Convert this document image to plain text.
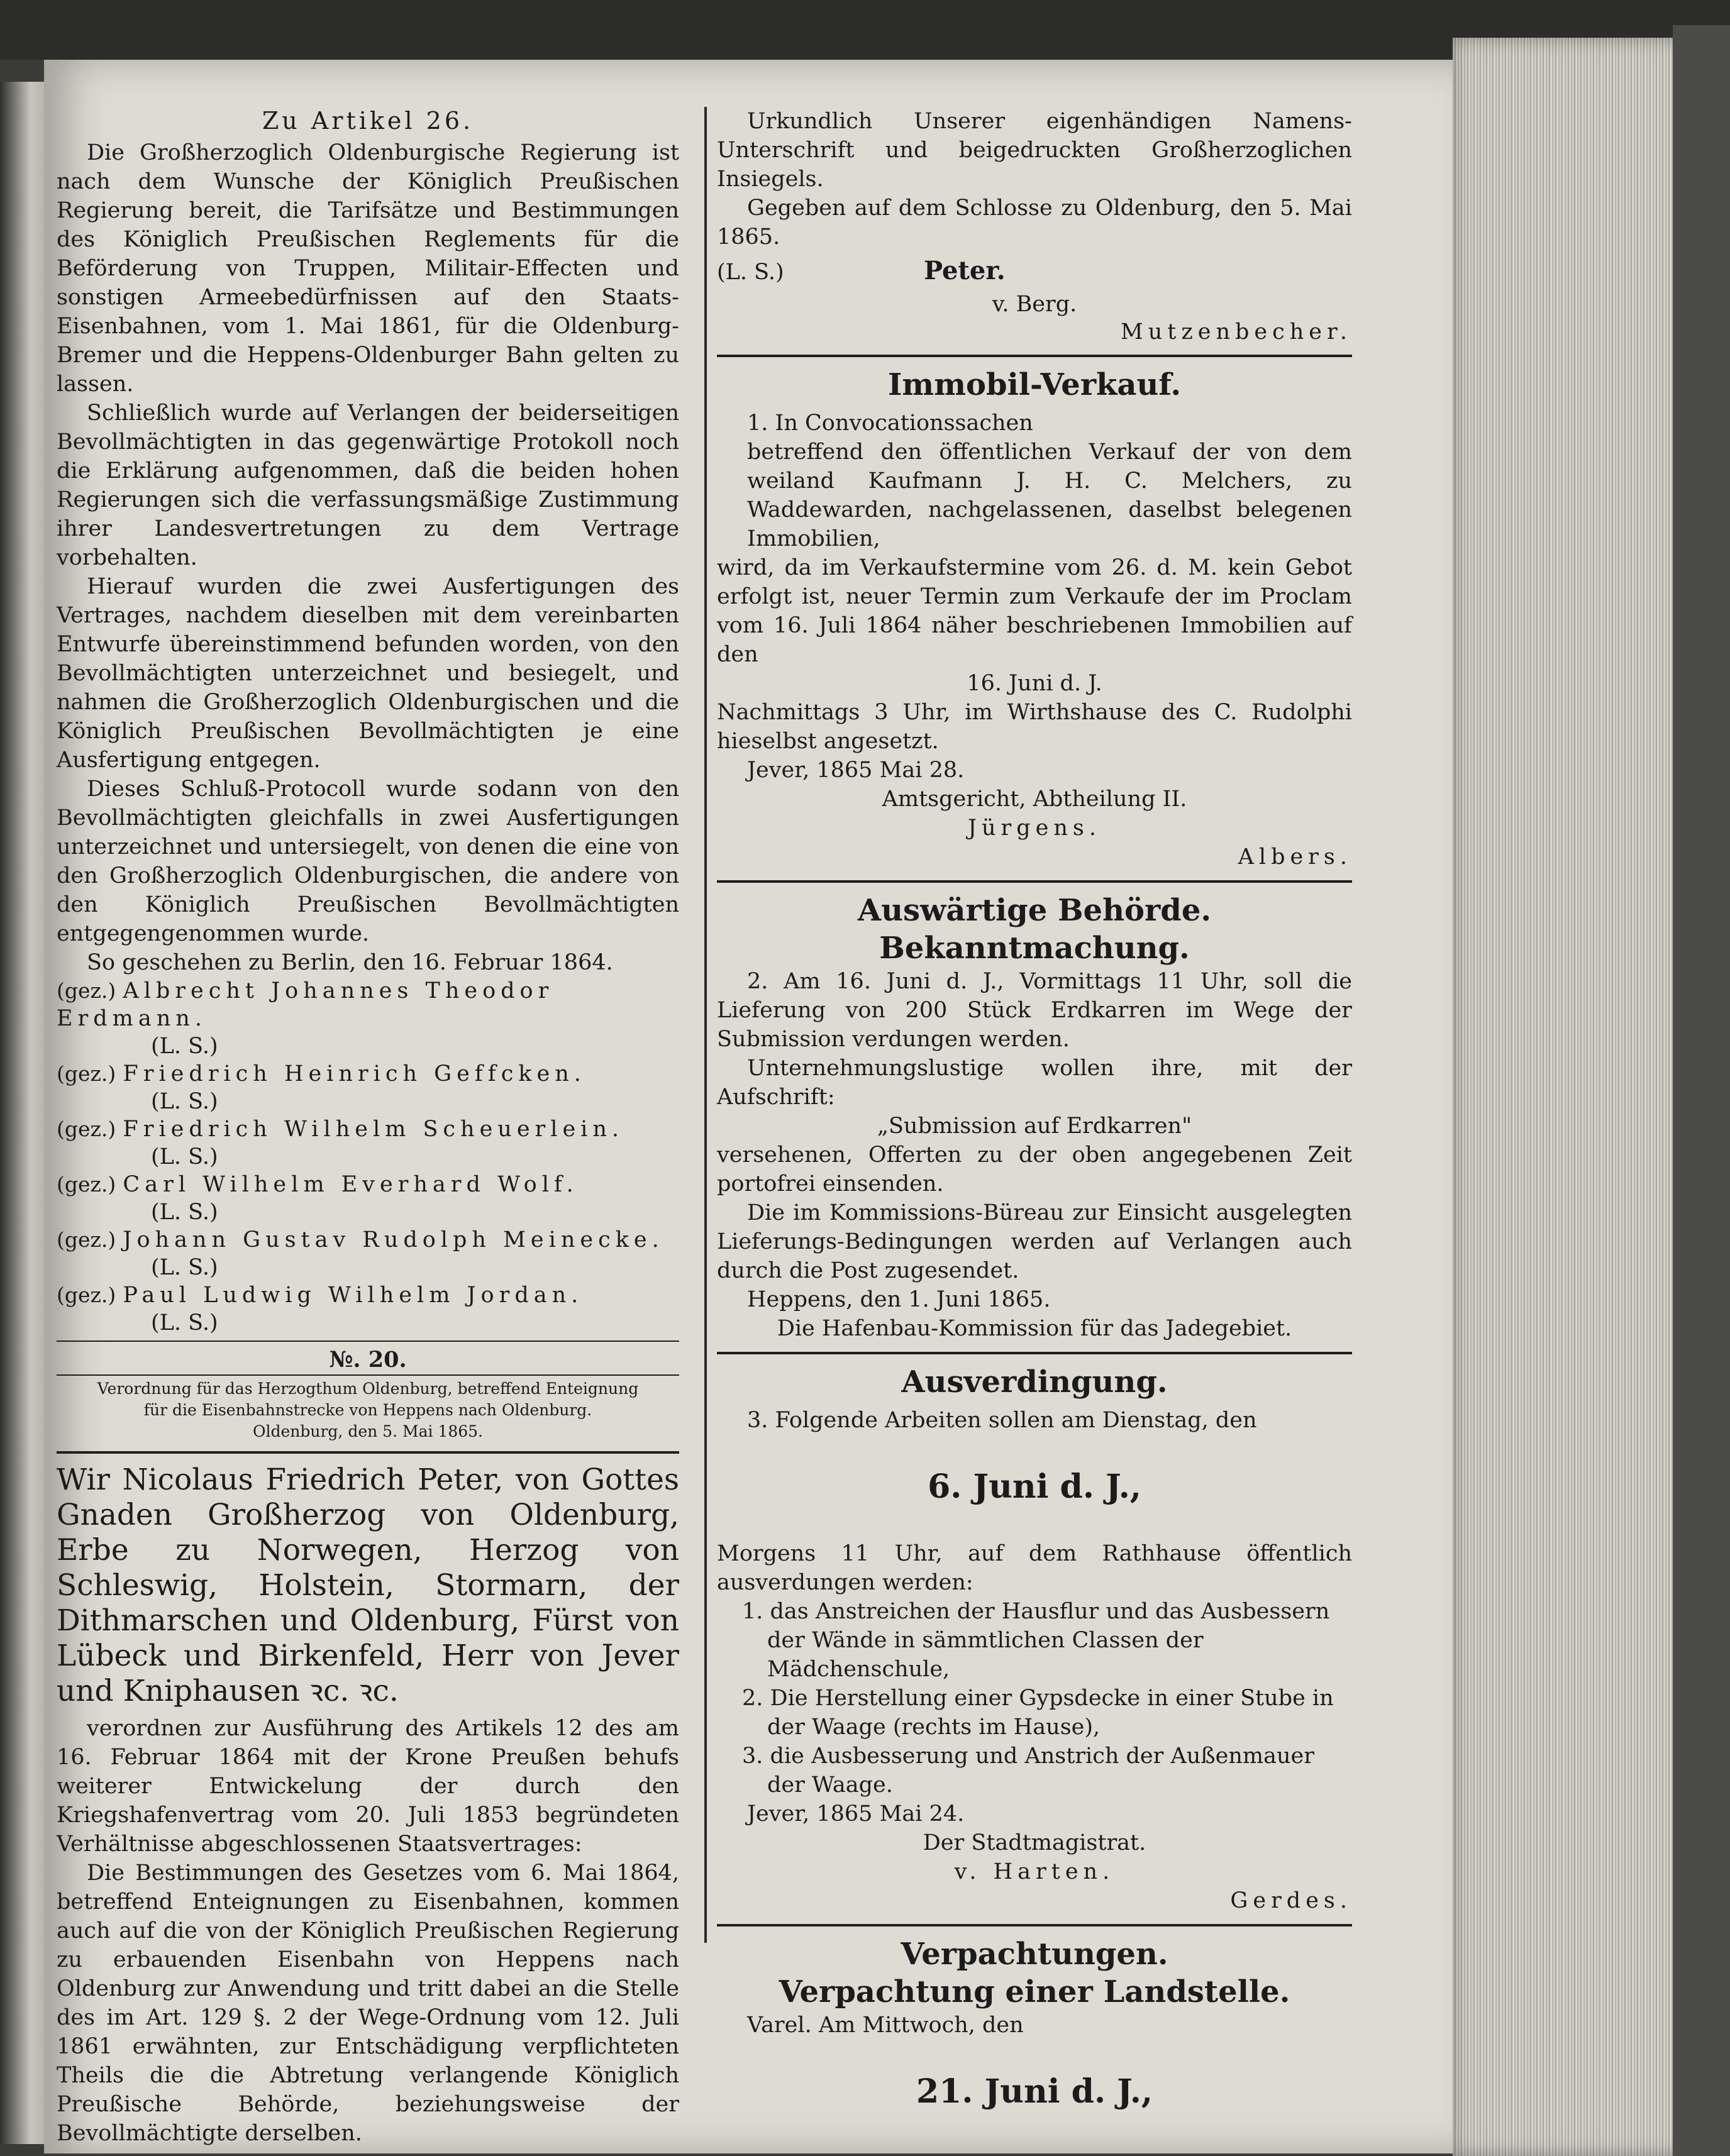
Zu Artikel 26.

Die Großherzoglich Oldenburgische Regierung ist nach dem Wunsche der Königlich Preußischen Regierung bereit, die Tarifsätze und Bestimmungen des Königlich Preußischen Reglements für die Beförderung von Truppen, Militair-Effecten und sonstigen Armeebedürfnissen auf den Staats-Eisenbahnen, vom 1. Mai 1861, für die Oldenburg-Bremer und die Heppens-Oldenburger Bahn gelten zu lassen.

Schließlich wurde auf Verlangen der beiderseitigen Bevollmächtigten in das gegenwärtige Protokoll noch die Erklärung aufgenommen, daß die beiden hohen Regierungen sich die verfassungsmäßige Zustimmung ihrer Landesvertretungen zu dem Vertrage vorbehalten.

Hierauf wurden die zwei Ausfertigungen des Vertrages, nachdem dieselben mit dem vereinbarten Entwurfe übereinstimmend befunden worden, von den Bevollmächtigten unterzeichnet und besiegelt, und nahmen die Großherzoglich Oldenburgischen und die Königlich Preußischen Bevollmächtigten je eine Ausfertigung entgegen.

Dieses Schluß-Protocoll wurde sodann von den Bevollmächtigten gleichfalls in zwei Ausfertigungen unterzeichnet und untersiegelt, von denen die eine von den Großherzoglich Oldenburgischen, die andere von den Königlich Preußischen Bevollmächtigten entgegengenommen wurde.

So geschehen zu Berlin, den 16. Februar 1864.

(gez.) Albrecht Johannes Theodor Erdmann.

(L. S.)

(gez.) Friedrich Heinrich Geffcken.

(L. S.)

(gez.) Friedrich Wilhelm Scheuerlein.

(L. S.)

(gez.) Carl Wilhelm Everhard Wolf.

(L. S.)

(gez.) Johann Gustav Rudolph Meinecke.

(L. S.)

(gez.) Paul Ludwig Wilhelm Jordan.

(L. S.)

№. 20.

Verordnung für das Herzogthum Oldenburg, betreffend Enteignung

für die Eisenbahnstrecke von Heppens nach Oldenburg.

Oldenburg, den 5. Mai 1865.

Wir Nicolaus Friedrich Peter, von Gottes Gnaden Großherzog von Oldenburg, Erbe zu Norwegen, Herzog von Schleswig, Holstein, Stormarn, der Dithmarschen und Oldenburg, Fürst von Lübeck und Birkenfeld, Herr von Jever und Kniphausen ꝛc. ꝛc.

verordnen zur Ausführung des Artikels 12 des am 16. Februar 1864 mit der Krone Preußen behufs weiterer Entwickelung der durch den Kriegshafenvertrag vom 20. Juli 1853 begründeten Verhältnisse abgeschlossenen Staatsvertrages:

Die Bestimmungen des Gesetzes vom 6. Mai 1864, betreffend Enteignungen zu Eisenbahnen, kommen auch auf die von der Königlich Preußischen Regierung zu erbauenden Eisenbahn von Heppens nach Oldenburg zur Anwendung und tritt dabei an die Stelle des im Art. 129 §. 2 der Wege-Ordnung vom 12. Juli 1861 erwähnten, zur Entschädigung verpflichteten Theils die die Abtretung verlangende Königlich Preußische Behörde, beziehungsweise der Bevollmächtigte derselben.

Urkundlich Unserer eigenhändigen Namens-Unterschrift und beigedruckten Großherzoglichen Insiegels.

Gegeben auf dem Schlosse zu Oldenburg, den 5. Mai 1865.

(L. S.)	Peter.

v. Berg.

Mutzenbecher.

Immobil-Verkauf.

1. In Convocationssachen

betreffend den öffentlichen Verkauf der von dem weiland Kaufmann J. H. C. Melchers, zu Waddewarden, nachgelassenen, daselbst belegenen Immobilien,

wird, da im Verkaufstermine vom 26. d. M. kein Gebot erfolgt ist, neuer Termin zum Verkaufe der im Proclam vom 16. Juli 1864 näher beschriebenen Immobilien auf den

16. Juni d. J.

Nachmittags 3 Uhr, im Wirthshause des C. Rudolphi hieselbst angesetzt.

Jever, 1865 Mai 28.

Amtsgericht, Abtheilung II.

Jürgens.

Albers.

Auswärtige Behörde.

Bekanntmachung.

2. Am 16. Juni d. J., Vormittags 11 Uhr, soll die Lieferung von 200 Stück Erdkarren im Wege der Submission verdungen werden.

Unternehmungslustige wollen ihre, mit der Aufschrift:

„Submission auf Erdkarren"

versehenen, Offerten zu der oben angegebenen Zeit portofrei einsenden.

Die im Kommissions-Büreau zur Einsicht ausgelegten Lieferungs-Bedingungen werden auf Verlangen auch durch die Post zugesendet.

Heppens, den 1. Juni 1865.

Die Hafenbau-Kommission für das Jadegebiet.

Ausverdingung.

3. Folgende Arbeiten sollen am Dienstag, den

6. Juni d. J.,

Morgens 11 Uhr, auf dem Rathhause öffentlich ausverdungen werden:

1. das Anstreichen der Hausflur und das Ausbessern der Wände in sämmtlichen Classen der Mädchenschule,
2. Die Herstellung einer Gypsdecke in einer Stube in der Waage (rechts im Hause),
3. die Ausbesserung und Anstrich der Außenmauer der Waage.

Jever, 1865 Mai 24.

Der Stadtmagistrat.

v. Harten.

Gerdes.

Verpachtungen.

Verpachtung einer Landstelle.

Varel. Am Mittwoch, den

21. Juni d. J.,
